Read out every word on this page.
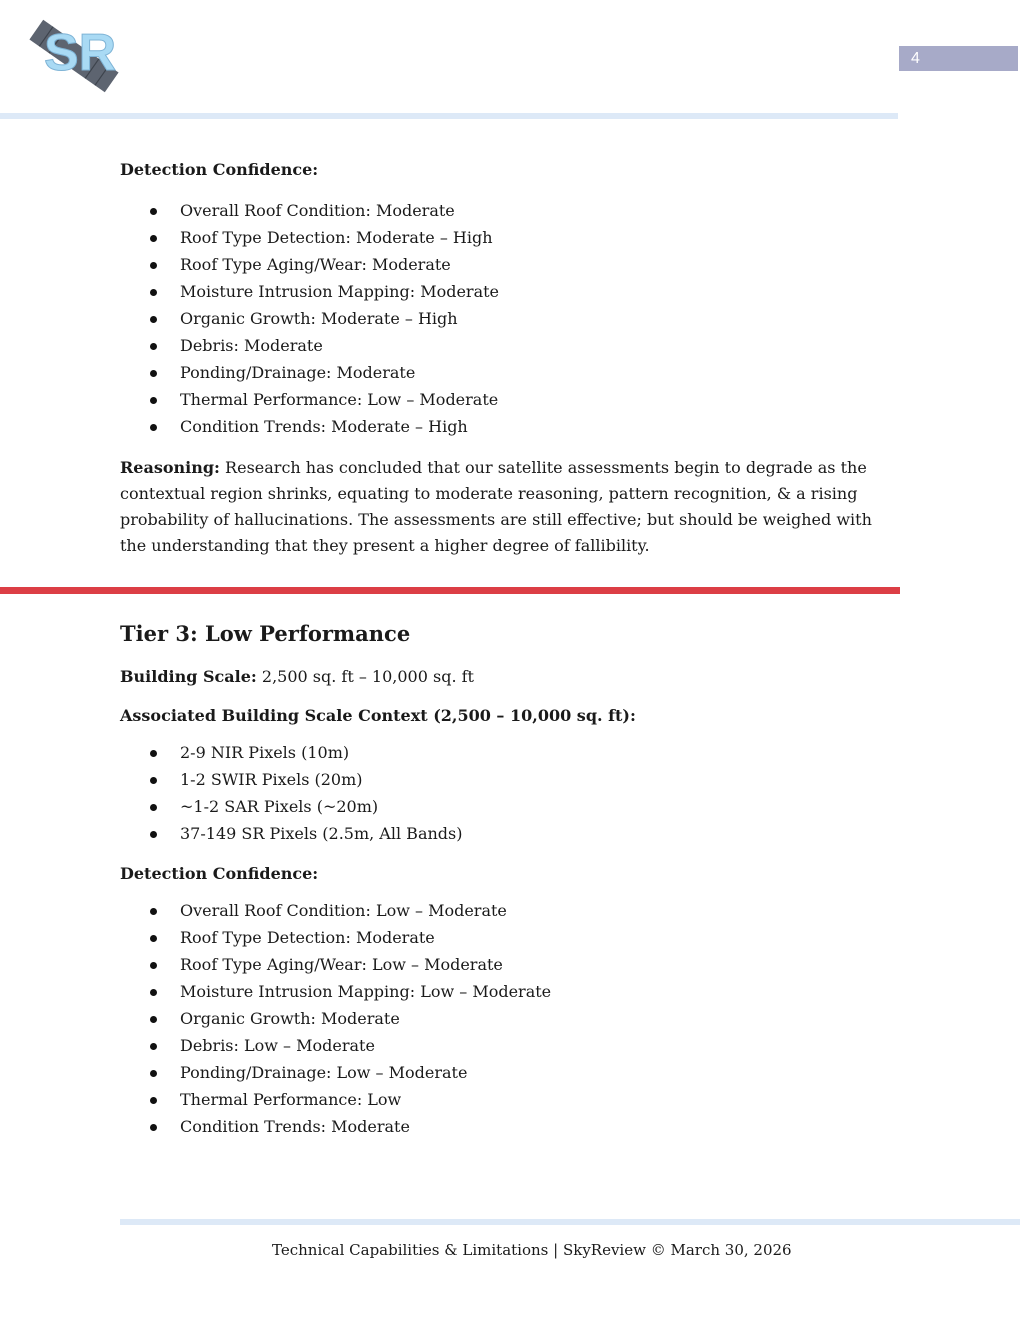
SR	4

Detection Confidence:

Overall Roof Condition: Moderate
Roof Type Detection: Moderate – High
Roof Type Aging/Wear: Moderate
Moisture Intrusion Mapping: Moderate
Organic Growth: Moderate – High
Debris: Moderate
Ponding/Drainage: Moderate
Thermal Performance: Low – Moderate
Condition Trends: Moderate – High

Reasoning: Research has concluded that our satellite assessments begin to degrade as the contextual region shrinks, equating to moderate reasoning, pattern recognition, & a rising probability of hallucinations. The assessments are still effective; but should be weighed with the understanding that they present a higher degree of fallibility.

Tier 3: Low Performance

Building Scale: 2,500 sq. ft – 10,000 sq. ft

Associated Building Scale Context (2,500 – 10,000 sq. ft):

2-9 NIR Pixels (10m)
1-2 SWIR Pixels (20m)
~1-2 SAR Pixels (~20m)
37-149 SR Pixels (2.5m, All Bands)

Detection Confidence:

Overall Roof Condition: Low – Moderate
Roof Type Detection: Moderate
Roof Type Aging/Wear: Low – Moderate
Moisture Intrusion Mapping: Low – Moderate
Organic Growth: Moderate
Debris: Low – Moderate
Ponding/Drainage: Low – Moderate
Thermal Performance: Low
Condition Trends: Moderate
Technical Capabilities & Limitations | SkyReview © March 30, 2026
